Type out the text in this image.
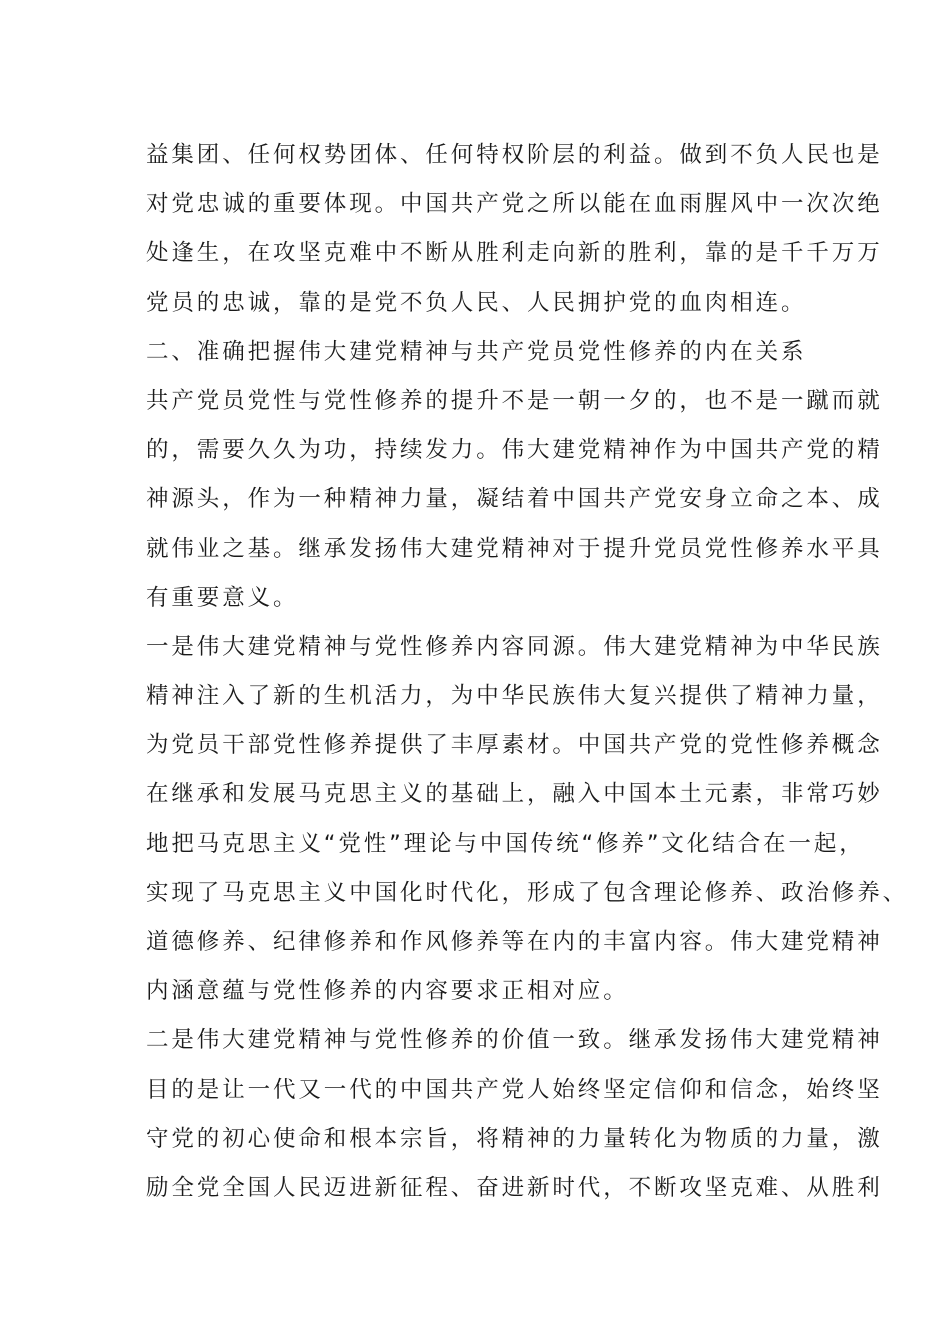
益集团、任何权势团体、任何特权阶层的利益。做到不负人民也是
对党忠诚的重要体现。中国共产党之所以能在血雨腥风中一次次绝
处逢生，在攻坚克难中不断从胜利走向新的胜利，靠的是千千万万
党员的忠诚，靠的是党不负人民、人民拥护党的血肉相连。
二、准确把握伟大建党精神与共产党员党性修养的内在关系
共产党员党性与党性修养的提升不是一朝一夕的，也不是一蹴而就
的，需要久久为功，持续发力。伟大建党精神作为中国共产党的精
神源头，作为一种精神力量，凝结着中国共产党安身立命之本、成
就伟业之基。继承发扬伟大建党精神对于提升党员党性修养水平具
有重要意义。
一是伟大建党精神与党性修养内容同源。伟大建党精神为中华民族
精神注入了新的生机活力，为中华民族伟大复兴提供了精神力量，
为党员干部党性修养提供了丰厚素材。中国共产党的党性修养概念
在继承和发展马克思主义的基础上，融入中国本土元素，非常巧妙
地把马克思主义“党性”理论与中国传统“修养”文化结合在一起，
实现了马克思主义中国化时代化，形成了包含理论修养、政治修养、
道德修养、纪律修养和作风修养等在内的丰富内容。伟大建党精神
内涵意蕴与党性修养的内容要求正相对应。
二是伟大建党精神与党性修养的价值一致。继承发扬伟大建党精神
目的是让一代又一代的中国共产党人始终坚定信仰和信念，始终坚
守党的初心使命和根本宗旨，将精神的力量转化为物质的力量，激
励全党全国人民迈进新征程、奋进新时代，不断攻坚克难、从胜利
